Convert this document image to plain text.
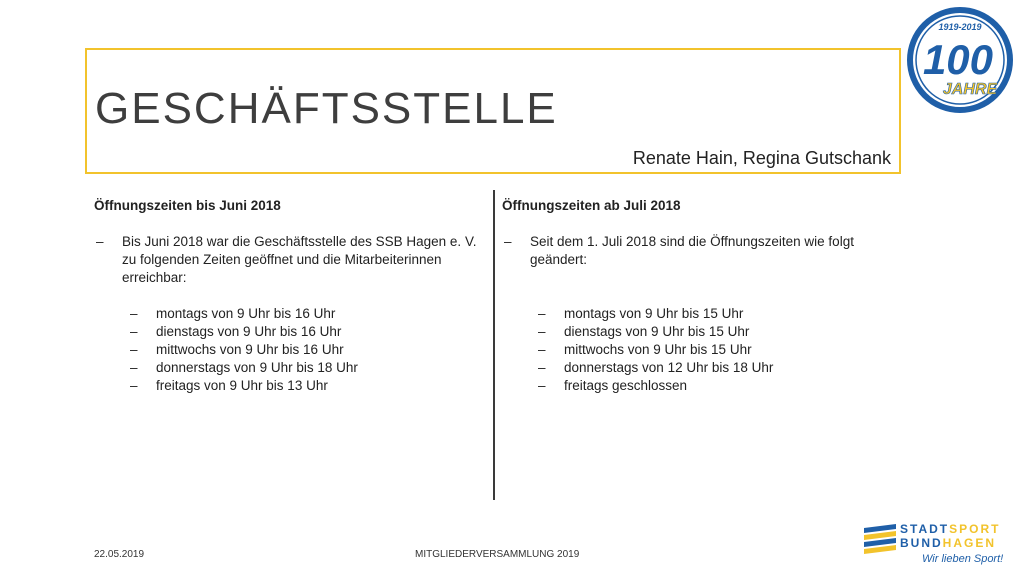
GESCHÄFTSSTELLE
Renate Hain, Regina Gutschank
1919-2019
100
JAHRE
Öffnungszeiten bis Juni 2018
– Bis Juni 2018 war die Geschäftsstelle des SSB Hagen e. V. zu folgenden Zeiten geöffnet und die Mitarbeiterinnen erreichbar:
– montags von 9 Uhr bis 16 Uhr
– dienstags von 9 Uhr bis 16 Uhr
– mittwochs von 9 Uhr bis 16 Uhr
– donnerstags von 9 Uhr bis 18 Uhr
– freitags von 9 Uhr bis 13 Uhr
Öffnungszeiten ab Juli 2018
– Seit dem 1. Juli 2018 sind die Öffnungszeiten wie folgt geändert:
– montags von 9 Uhr bis 15 Uhr
– dienstags von 9 Uhr bis 15 Uhr
– mittwochs von 9 Uhr bis 15 Uhr
– donnerstags von 12 Uhr bis 18 Uhr
– freitags geschlossen
22.05.2019	MITGLIEDERVERSAMMLUNG 2019
STADTSPORT
BUNDHAGEN
Wir lieben Sport!
